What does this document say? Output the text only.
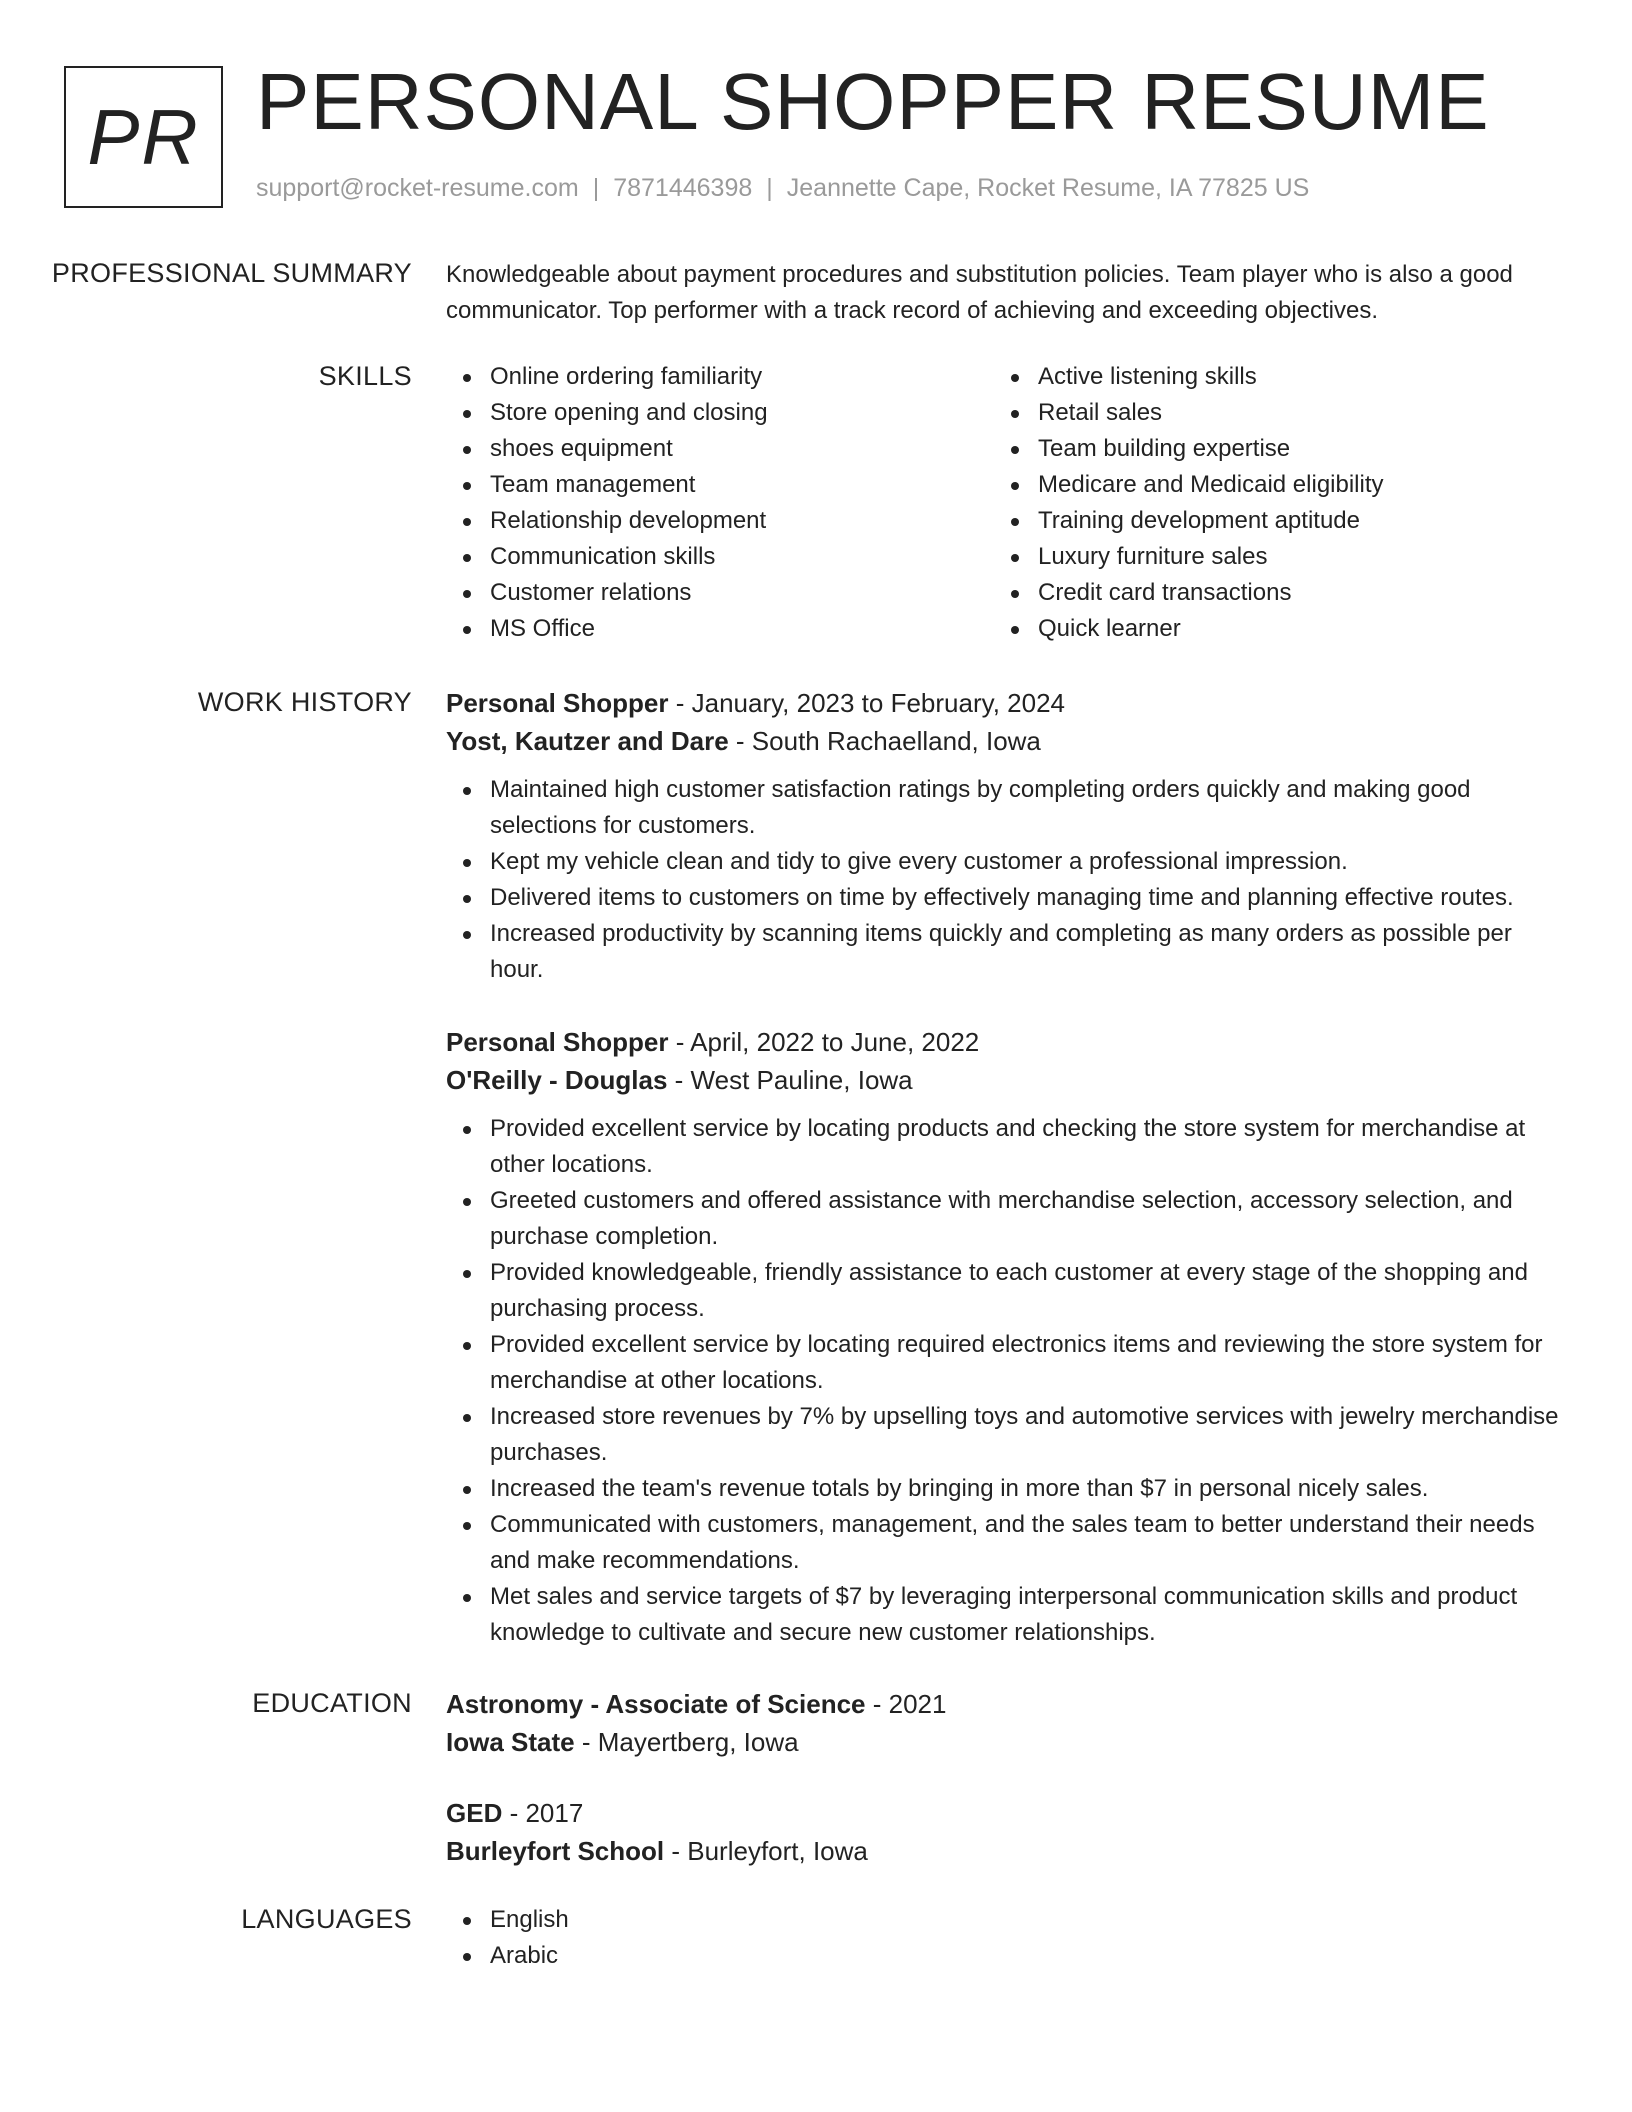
PR PERSONAL SHOPPER RESUME
support@rocket-resume.com | 7871446398 | Jeannette Cape, Rocket Resume, IA 77825 US
PROFESSIONAL SUMMARY Knowledgeable about payment procedures and substitution policies. Team player who is also a good communicator. Top performer with a track record of achieving and exceeding objectives.
SKILLS	Online ordering familiarity
Store opening and closing
shoes equipment
Team management
Relationship development
Communication skills
Customer relations
MS Office
Active listening skills
Retail sales
Team building expertise
Medicare and Medicaid eligibility
Training development aptitude
Luxury furniture sales
Credit card transactions
Quick learner
WORK HISTORY Personal Shopper - January, 2023 to February, 2024
Yost, Kautzer and Dare - South Rachaelland, Iowa
Maintained high customer satisfaction ratings by completing orders quickly and making good selections for customers.
Kept my vehicle clean and tidy to give every customer a professional impression.
Delivered items to customers on time by effectively managing time and planning effective routes.
Increased productivity by scanning items quickly and completing as many orders as possible per hour.
Personal Shopper - April, 2022 to June, 2022
O'Reilly - Douglas - West Pauline, Iowa
Provided excellent service by locating products and checking the store system for merchandise at other locations.
Greeted customers and offered assistance with merchandise selection, accessory selection, and purchase completion.
Provided knowledgeable, friendly assistance to each customer at every stage of the shopping and purchasing process.
Provided excellent service by locating required electronics items and reviewing the store system for merchandise at other locations.
Increased store revenues by 7% by upselling toys and automotive services with jewelry merchandise purchases.
Increased the team's revenue totals by bringing in more than $7 in personal nicely sales.
Communicated with customers, management, and the sales team to better understand their needs and make recommendations.
Met sales and service targets of $7 by leveraging interpersonal communication skills and product knowledge to cultivate and secure new customer relationships.
EDUCATION Astronomy - Associate of Science - 2021
Iowa State - Mayertberg, Iowa
GED - 2017
Burleyfort School - Burleyfort, Iowa
LANGUAGES	English
Arabic
